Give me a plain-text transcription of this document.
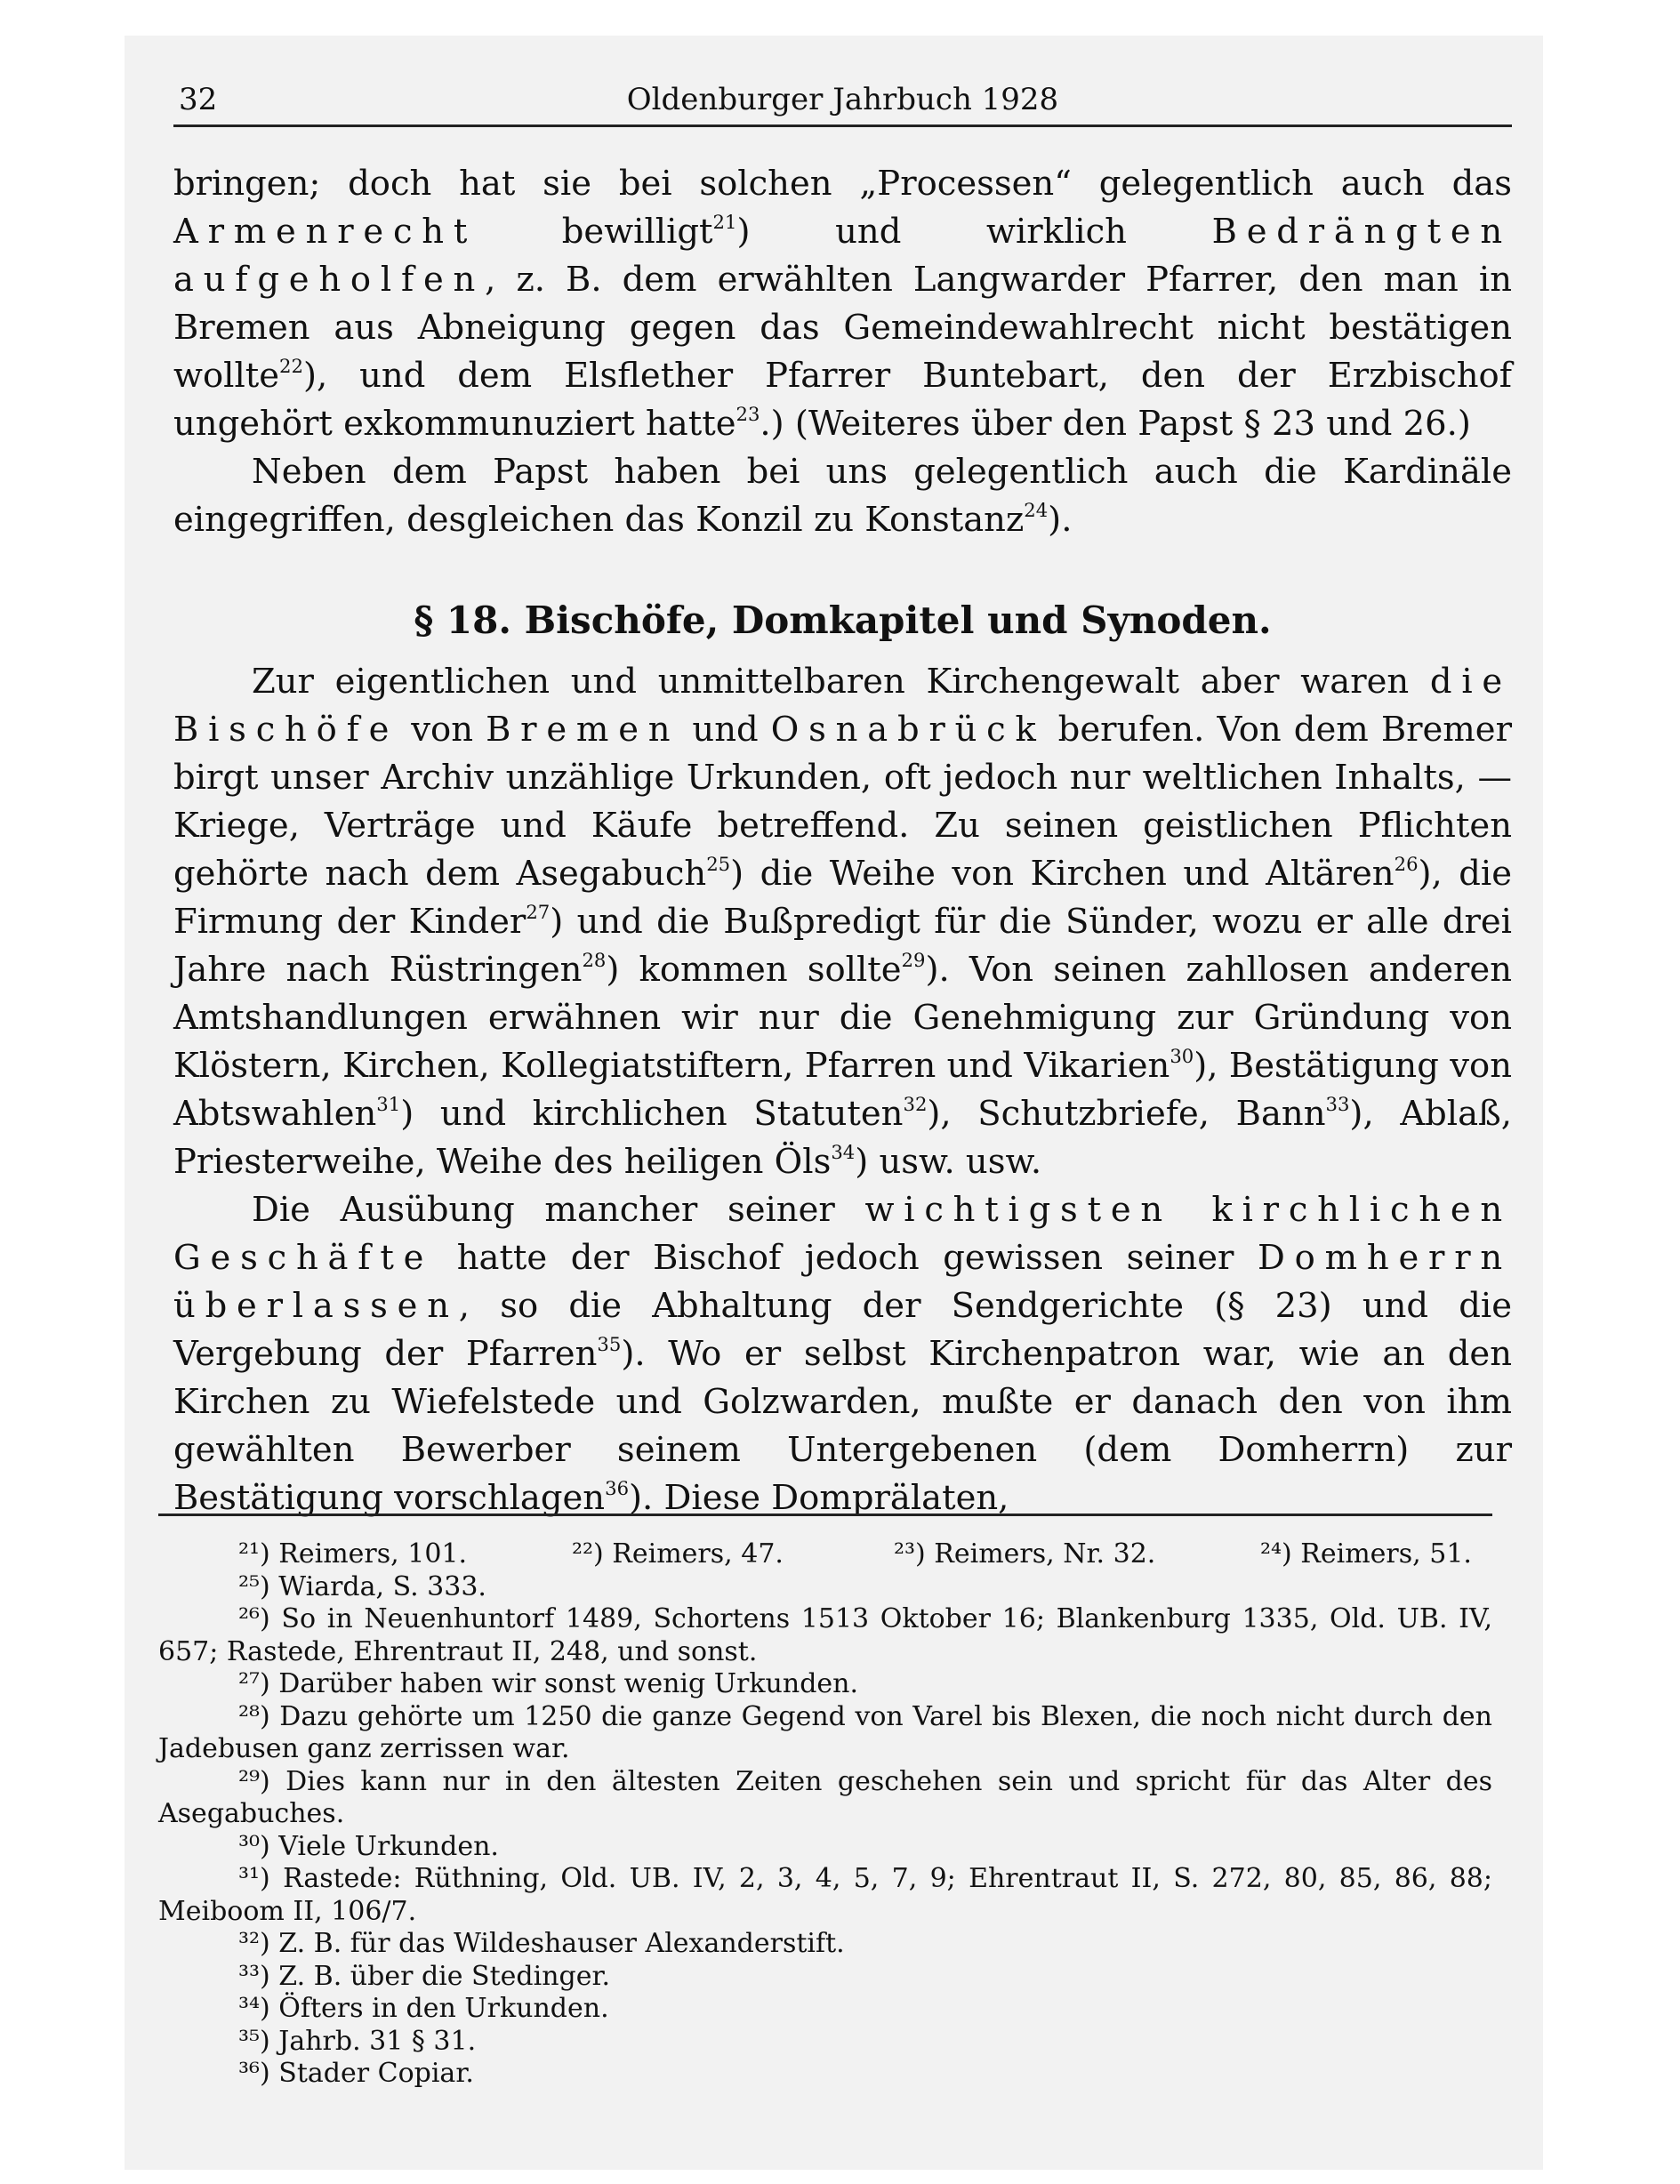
32	Oldenburger Jahrbuch 1928

bringen; doch hat sie bei solchen „Processen“ gelegentlich auch das Armenrecht bewilligt$^{21}$) und wirklich Bedrängten aufgeholfen, z. B. dem erwählten Langwarder Pfarrer, den man in Bremen aus Abneigung gegen das Gemeindewahlrecht nicht bestätigen wollte$^{22}$), und dem Elsflether Pfarrer Buntebart, den der Erzbischof ungehört exkommunuziert hatte$^{23}$.) (Weiteres über den Papst § 23 und 26.)

Neben dem Papst haben bei uns gelegentlich auch die Kardinäle eingegriffen, desgleichen das Konzil zu Konstanz$^{24}$).

§ 18. Bischöfe, Domkapitel und Synoden.

Zur eigentlichen und unmittelbaren Kirchengewalt aber waren die Bischöfe von Bremen und Osnabrück berufen. Von dem Bremer birgt unser Archiv unzählige Urkunden, oft jedoch nur weltlichen Inhalts, — Kriege, Verträge und Käufe betreffend. Zu seinen geistlichen Pflichten gehörte nach dem Asegabuch$^{25}$) die Weihe von Kirchen und Altären$^{26}$), die Firmung der Kinder$^{27}$) und die Bußpredigt für die Sünder, wozu er alle drei Jahre nach Rüstringen$^{28}$) kommen sollte$^{29}$). Von seinen zahllosen anderen Amtshandlungen erwähnen wir nur die Genehmigung zur Gründung von Klöstern, Kirchen, Kollegiatstiftern, Pfarren und Vikarien$^{30}$), Bestätigung von Abtswahlen$^{31}$) und kirchlichen Statuten$^{32}$), Schutzbriefe, Bann$^{33}$), Ablaß, Priesterweihe, Weihe des heiligen Öls$^{34}$) usw. usw.

Die Ausübung mancher seiner wichtigsten kirchlichen Geschäfte hatte der Bischof jedoch gewissen seiner Domherrn überlassen, so die Abhaltung der Sendgerichte (§ 23) und die Vergebung der Pfarren$^{35}$). Wo er selbst Kirchenpatron war, wie an den Kirchen zu Wiefelstede und Golzwarden, mußte er danach den von ihm gewählten Bewerber seinem Untergebenen (dem Domherrn) zur Bestätigung vorschlagen$^{36}$). Diese Domprälaten,

²¹) Reimers, 101.	²²) Reimers, 47.	²³) Reimers, Nr. 32.	²⁴) Reimers, 51.

²⁵) Wiarda, S. 333.

²⁶) So in Neuenhuntorf 1489, Schortens 1513 Oktober 16; Blankenburg 1335, Old. UB. IV, 657; Rastede, Ehrentraut II, 248, und sonst.

²⁷) Darüber haben wir sonst wenig Urkunden.

²⁸) Dazu gehörte um 1250 die ganze Gegend von Varel bis Blexen, die noch nicht durch den Jadebusen ganz zerrissen war.

²⁹) Dies kann nur in den ältesten Zeiten geschehen sein und spricht für das Alter des Asegabuches.

³⁰) Viele Urkunden.

³¹) Rastede: Rüthning, Old. UB. IV, 2, 3, 4, 5, 7, 9; Ehrentraut II, S. 272, 80, 85, 86, 88; Meiboom II, 106/7.

³²) Z. B. für das Wildeshauser Alexanderstift.

³³) Z. B. über die Stedinger.

³⁴) Öfters in den Urkunden.

³⁵) Jahrb. 31 § 31.

³⁶) Stader Copiar.
